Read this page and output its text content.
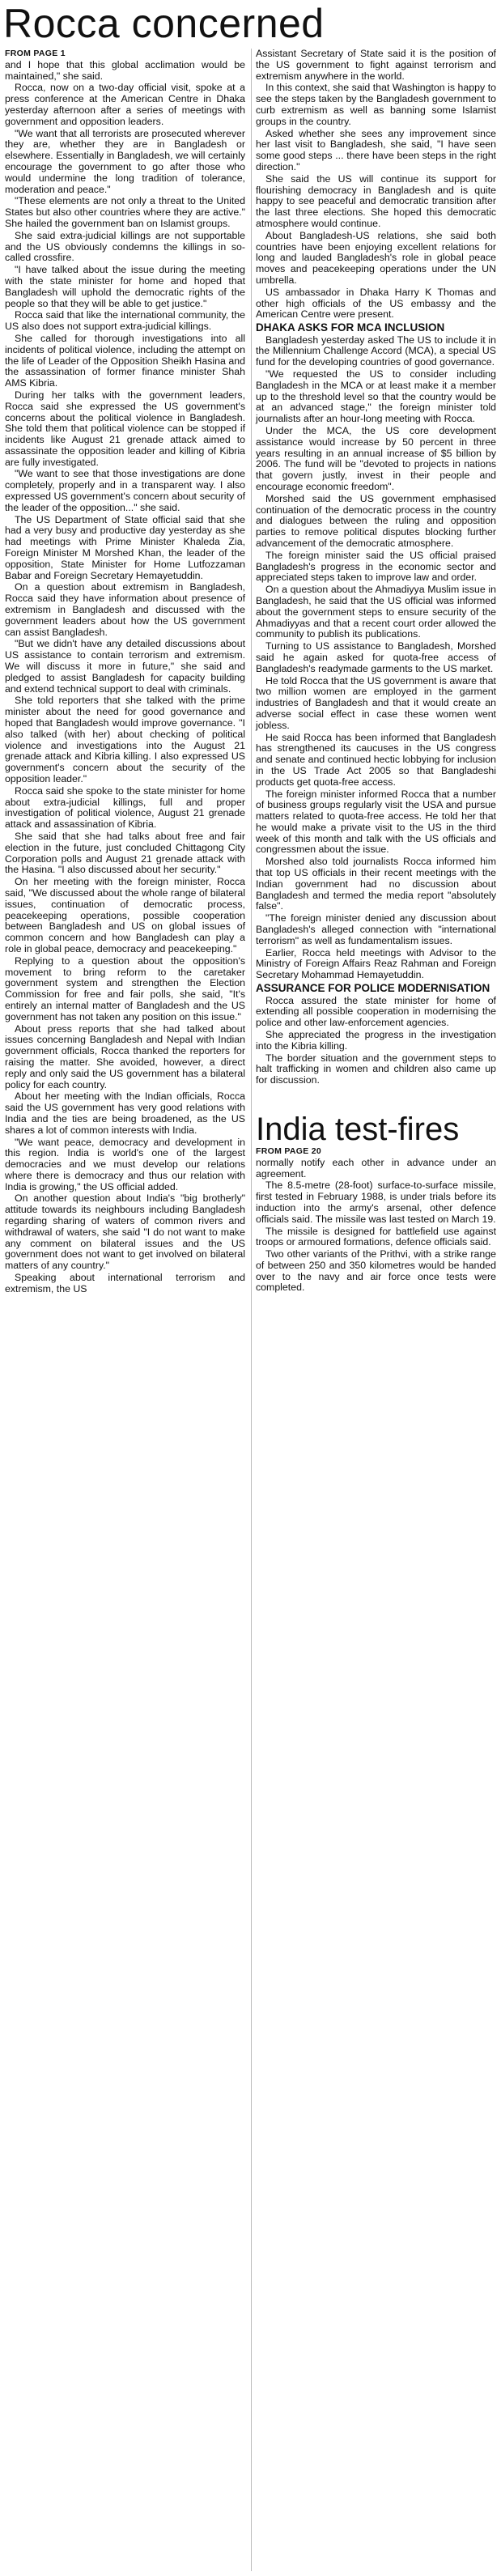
Rocca concerned
FROM PAGE 1

and I hope that this global acclimation would be maintained," she said.

Rocca, now on a two-day official visit, spoke at a press conference at the American Centre in Dhaka yesterday afternoon after a series of meetings with government and opposition leaders.

"We want that all terrorists are prosecuted wherever they are, whether they are in Bangladesh or elsewhere. Essentially in Bangladesh, we will certainly encourage the government to go after those who would undermine the long tradition of tolerance, moderation and peace."

"These elements are not only a threat to the United States but also other countries where they are active." She hailed the government ban on Islamist groups.

She said extra-judicial killings are not supportable and the US obviously condemns the killings in so-called crossfire.

"I have talked about the issue during the meeting with the state minister for home and hoped that Bangladesh will uphold the democratic rights of the people so that they will be able to get justice."

Rocca said that like the international community, the US also does not support extra-judicial killings.

She called for thorough investigations into all incidents of political violence, including the attempt on the life of Leader of the Opposition Sheikh Hasina and the assassination of former finance minister Shah AMS Kibria.

During her talks with the government leaders, Rocca said she expressed the US government's concerns about the political violence in Bangladesh. She told them that political violence can be stopped if incidents like August 21 grenade attack aimed to assassinate the opposition leader and killing of Kibria are fully investigated.

"We want to see that those investigations are done completely, properly and in a transparent way. I also expressed US government's concern about security of the leader of the opposition..." she said.

The US Department of State official said that she had a very busy and productive day yesterday as she had meetings with Prime Minister Khaleda Zia, Foreign Minister M Morshed Khan, the leader of the opposition, State Minister for Home Lutfozzaman Babar and Foreign Secretary Hemayetuddin.

On a question about extremism in Bangladesh, Rocca said they have information about presence of extremism in Bangladesh and discussed with the government leaders about how the US government can assist Bangladesh.

"But we didn't have any detailed discussions about US assistance to contain terrorism and extremism. We will discuss it more in future," she said and pledged to assist Bangladesh for capacity building and extend technical support to deal with criminals.

She told reporters that she talked with the prime minister about the need for good governance and hoped that Bangladesh would improve governance. "I also talked (with her) about checking of political violence and investigations into the August 21 grenade attack and Kibria killing. I also expressed US government's concern about the security of the opposition leader."

Rocca said she spoke to the state minister for home about extra-judicial killings, full and proper investigation of political violence, August 21 grenade attack and assassination of Kibria.

She said that she had talks about free and fair election in the future, just concluded Chittagong City Corporation polls and August 21 grenade attack with the Hasina. "I also discussed about her security."

On her meeting with the foreign minister, Rocca said, "We discussed about the whole range of bilateral issues, continuation of democratic process, peacekeeping operations, possible cooperation between Bangladesh and US on global issues of common concern and how Bangladesh can play a role in global peace, democracy and peacekeeping."

Replying to a question about the opposition's movement to bring reform to the caretaker government system and strengthen the Election Commission for free and fair polls, she said, "It's entirely an internal matter of Bangladesh and the US government has not taken any position on this issue."

About press reports that she had talked about issues concerning Bangladesh and Nepal with Indian government officials, Rocca thanked the reporters for raising the matter. She avoided, however, a direct reply and only said the US government has a bilateral policy for each country.

About her meeting with the Indian officials, Rocca said the US government has very good relations with India and the ties are being broadened, as the US shares a lot of common interests with India.

"We want peace, democracy and development in this region. India is world's one of the largest democracies and we must develop our relations where there is democracy and thus our relation with India is growing," the US official added.

On another question about India's "big brotherly" attitude towards its neighbours including Bangladesh regarding sharing of waters of common rivers and withdrawal of waters, she said "I do not want to make any comment on bilateral issues and the US government does not want to get involved on bilateral matters of any country."

Speaking about international terrorism and extremism, the US

Assistant Secretary of State said it is the position of the US government to fight against terrorism and extremism anywhere in the world.

In this context, she said that Washington is happy to see the steps taken by the Bangladesh government to curb extremism as well as banning some Islamist groups in the country.

Asked whether she sees any improvement since her last visit to Bangladesh, she said, "I have seen some good steps ... there have been steps in the right direction."

She said the US will continue its support for flourishing democracy in Bangladesh and is quite happy to see peaceful and democratic transition after the last three elections. She hoped this democratic atmosphere would continue.

About Bangladesh-US relations, she said both countries have been enjoying excellent relations for long and lauded Bangladesh's role in global peace moves and peacekeeping operations under the UN umbrella.

US ambassador in Dhaka Harry K Thomas and other high officials of the US embassy and the American Centre were present.

DHAKA ASKS FOR MCA INCLUSION

Bangladesh yesterday asked The US to include it in the Millennium Challenge Accord (MCA), a special US fund for the developing countries of good governance.

"We requested the US to consider including Bangladesh in the MCA or at least make it a member up to the threshold level so that the country would be at an advanced stage," the foreign minister told journalists after an hour-long meeting with Rocca.

Under the MCA, the US core development assistance would increase by 50 percent in three years resulting in an annual increase of $5 billion by 2006. The fund will be "devoted to projects in nations that govern justly, invest in their people and encourage economic freedom".

Morshed said the US government emphasised continuation of the democratic process in the country and dialogues between the ruling and opposition parties to remove political disputes blocking further advancement of the democratic atmosphere.

The foreign minister said the US official praised Bangladesh's progress in the economic sector and appreciated steps taken to improve law and order.

On a question about the Ahmadiyya Muslim issue in Bangladesh, he said that the US official was informed about the government steps to ensure security of the Ahmadiyyas and that a recent court order allowed the community to publish its publications.

Turning to US assistance to Bangladesh, Morshed said he again asked for quota-free access of Bangladesh's readymade garments to the US market.

He told Rocca that the US government is aware that two million women are employed in the garment industries of Bangladesh and that it would create an adverse social effect in case these women went jobless.

He said Rocca has been informed that Bangladesh has strengthened its caucuses in the US congress and senate and continued hectic lobbying for inclusion in the US Trade Act 2005 so that Bangladeshi products get quota-free access.

The foreign minister informed Rocca that a number of business groups regularly visit the USA and pursue matters related to quota-free access. He told her that he would make a private visit to the US in the third week of this month and talk with the US officials and congressmen about the issue.

Morshed also told journalists Rocca informed him that top US officials in their recent meetings with the Indian government had no discussion about Bangladesh and termed the media report "absolutely false".

"The foreign minister denied any discussion about Bangladesh's alleged connection with "international terrorism" as well as fundamentalism issues.

Earlier, Rocca held meetings with Advisor to the Ministry of Foreign Affairs Reaz Rahman and Foreign Secretary Mohammad Hemayetuddin.

ASSURANCE FOR POLICE MODERNISATION

Rocca assured the state minister for home of extending all possible cooperation in modernising the police and other law-enforcement agencies.

She appreciated the progress in the investigation into the Kibria killing.

The border situation and the government steps to halt trafficking in women and children also came up for discussion.

India test-fires
FROM PAGE 20

normally notify each other in advance under an agreement.

The 8.5-metre (28-foot) surface-to-surface missile, first tested in February 1988, is under trials before its induction into the army's arsenal, other defence officials said. The missile was last tested on March 19.

The missile is designed for battlefield use against troops or armoured formations, defence officials said.

Two other variants of the Prithvi, with a strike range of between 250 and 350 kilometres would be handed over to the navy and air force once tests were completed.
